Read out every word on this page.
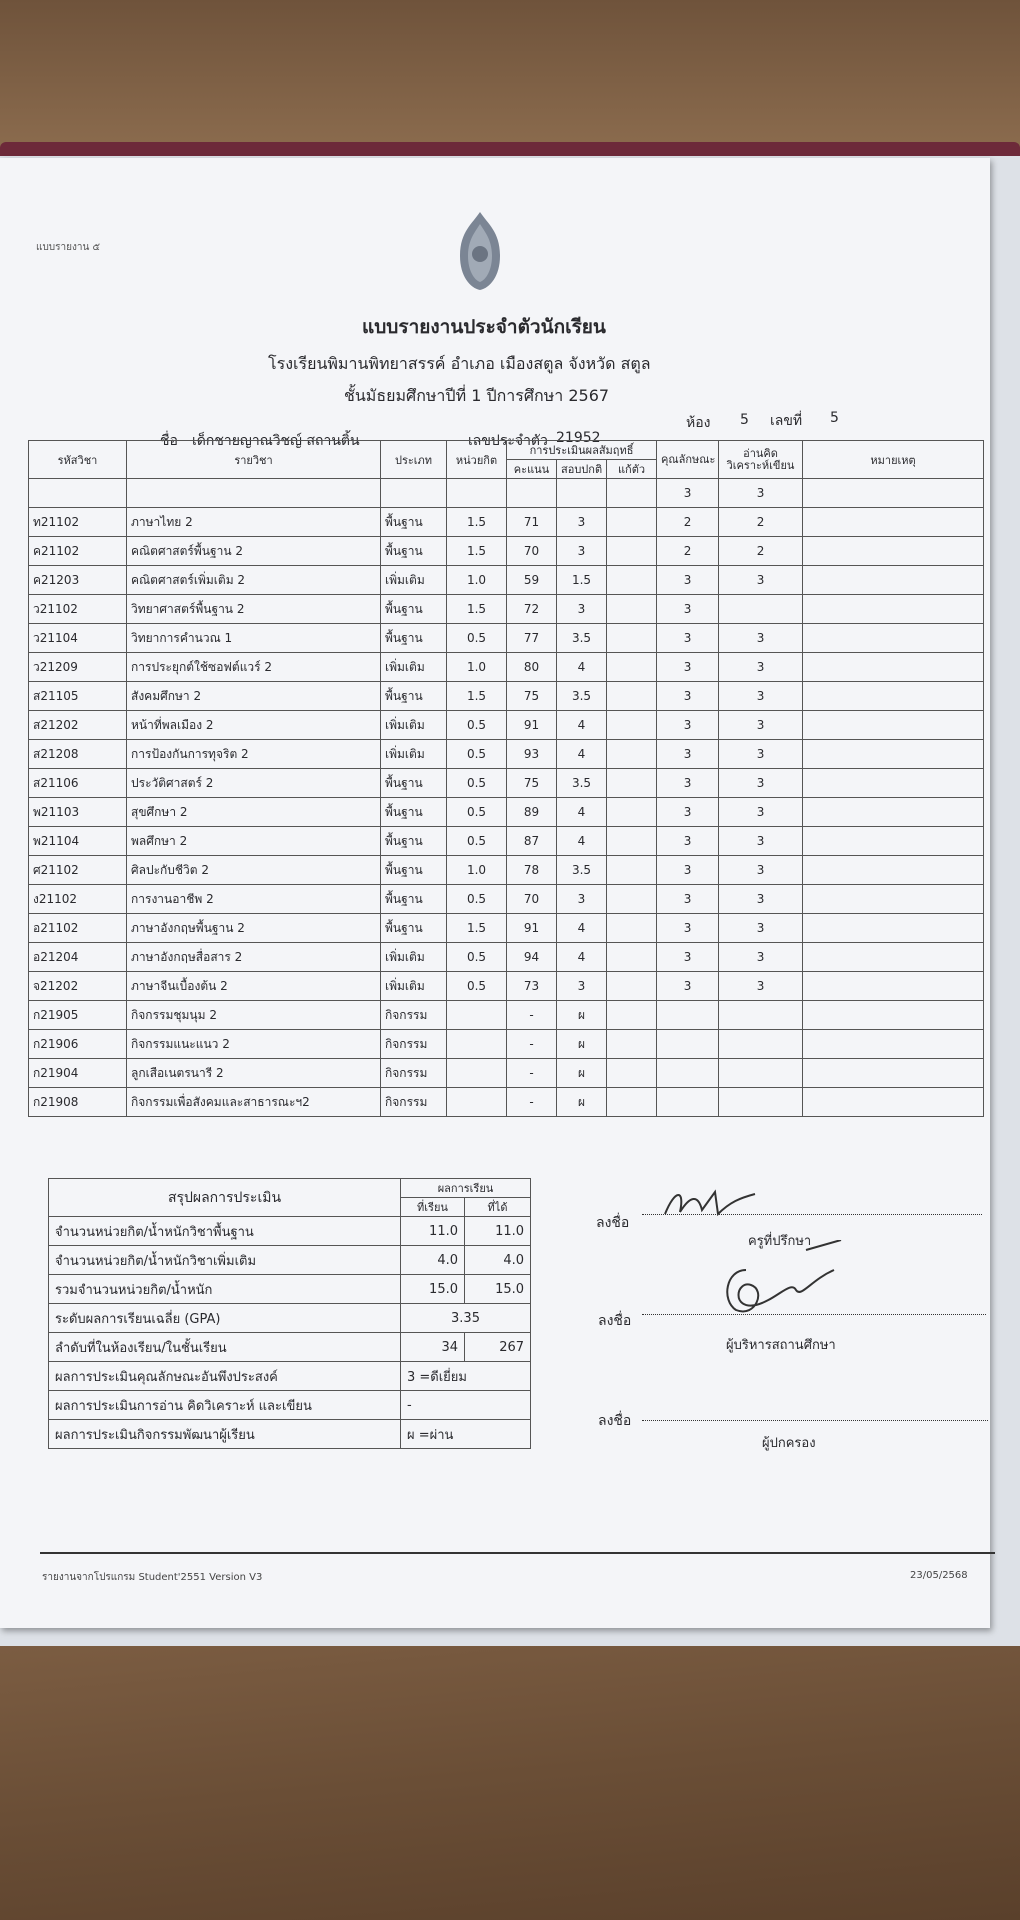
แบบรายงาน ๕
แบบรายงานประจำตัวนักเรียน
โรงเรียนพิมานพิทยาสรรค์ อำเภอ เมืองสตูล จังหวัด สตูล
ชั้นมัธยมศึกษาปีที่ 1 ปีการศึกษา 2567
ชื่อ เด็กชายญาณวิชญ์ สถานติ้น	เลขประจำตัว 21952
ห้อง 5 เลขที่ 5
รหัสวิชา	รายวิชา	ประเภท	หน่วยกิต	การประเมินผลสัมฤทธิ์			คุณลักษณะ	อ่านคิดวิเคราะห์เขียน	หมายเหตุ
				คะแนน	สอบปกติ	แก้ตัว			
							3	3	
ท21102	ภาษาไทย 2	พื้นฐาน	1.5	71	3		2	2	
ค21102	คณิตศาสตร์พื้นฐาน 2	พื้นฐาน	1.5	70	3		2	2	
ค21203	คณิตศาสตร์เพิ่มเติม 2	เพิ่มเติม	1.0	59	1.5		3	3	
ว21102	วิทยาศาสตร์พื้นฐาน 2	พื้นฐาน	1.5	72	3		3		
ว21104	วิทยาการคำนวณ 1	พื้นฐาน	0.5	77	3.5		3	3	
ว21209	การประยุกต์ใช้ซอฟต์แวร์ 2	เพิ่มเติม	1.0	80	4		3	3	
ส21105	สังคมศึกษา 2	พื้นฐาน	1.5	75	3.5		3	3	
ส21202	หน้าที่พลเมือง 2	เพิ่มเติม	0.5	91	4		3	3	
ส21208	การป้องกันการทุจริต 2	เพิ่มเติม	0.5	93	4		3	3	
ส21106	ประวัติศาสตร์ 2	พื้นฐาน	0.5	75	3.5		3	3	
พ21103	สุขศึกษา 2	พื้นฐาน	0.5	89	4		3	3	
พ21104	พลศึกษา 2	พื้นฐาน	0.5	87	4		3	3	
ศ21102	ศิลปะกับชีวิต 2	พื้นฐาน	1.0	78	3.5		3	3	
ง21102	การงานอาชีพ 2	พื้นฐาน	0.5	70	3		3	3	
อ21102	ภาษาอังกฤษพื้นฐาน 2	พื้นฐาน	1.5	91	4		3	3	
อ21204	ภาษาอังกฤษสื่อสาร 2	เพิ่มเติม	0.5	94	4		3	3	
จ21202	ภาษาจีนเบื้องต้น 2	เพิ่มเติม	0.5	73	3		3	3	
ก21905	กิจกรรมชุมนุม 2	กิจกรรม		-	ผ				
ก21906	กิจกรรมแนะแนว 2	กิจกรรม		-	ผ				
ก21904	ลูกเสือเนตรนารี 2	กิจกรรม		-	ผ				
ก21908	กิจกรรมเพื่อสังคมและสาธารณะฯ2	กิจกรรม		-	ผ				
สรุปผลการประเมิน	ผลการเรียน	
	ที่เรียน	ที่ได้
จำนวนหน่วยกิต/น้ำหนักวิชาพื้นฐาน	11.0	11.0
จำนวนหน่วยกิต/น้ำหนักวิชาเพิ่มเติม	4.0	4.0
รวมจำนวนหน่วยกิต/น้ำหนัก	15.0	15.0
ระดับผลการเรียนเฉลี่ย (GPA)	3.35	
ลำดับที่ในห้องเรียน/ในชั้นเรียน	34	267
ผลการประเมินคุณลักษณะอันพึงประสงค์	3 =ดีเยี่ยม	
ผลการประเมินการอ่าน คิดวิเคราะห์ และเขียน	-	
ผลการประเมินกิจกรรมพัฒนาผู้เรียน	ผ =ผ่าน	
ลงชื่อ
ครูที่ปรึกษา
ลงชื่อ
ผู้บริหารสถานศึกษา
ลงชื่อ
ผู้ปกครอง
รายงานจากโปรแกรม Student'2551 Version V3	23/05/2568
